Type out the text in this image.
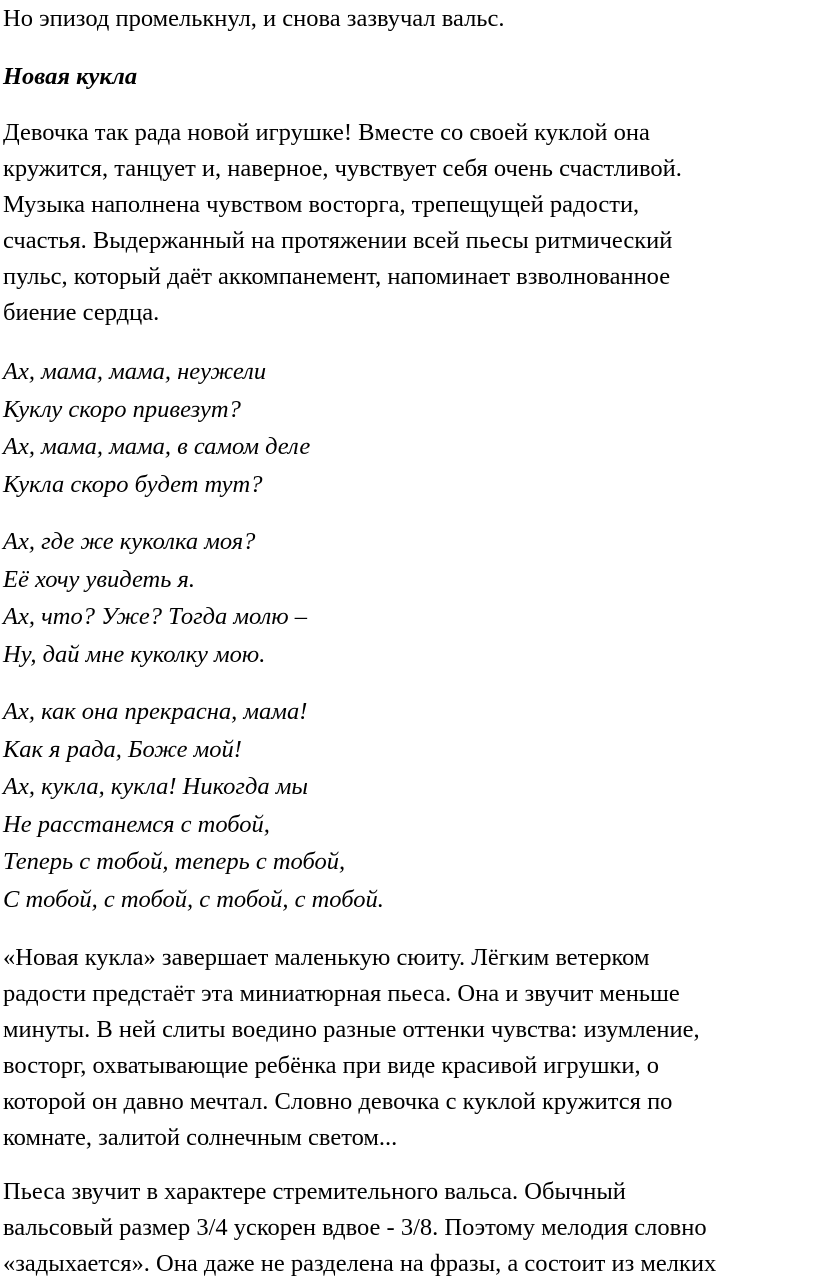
Но эпизод промелькнул, и снова зазвучал вальс.
Новая кукла
Девочка так рада новой игрушке! Вместе со своей куклой она
кружится, танцует и, наверное, чувствует себя очень счастливой.
Музыка наполнена чувством восторга, трепещущей радости,
счастья. Выдержанный на протяжении всей пьесы ритмический
пульс, который даёт аккомпанемент, напоминает взволнованное
биение сердца.
Ах, мама, мама, неужели
Куклу скоро привезут?
Ах, мама, мама, в самом деле
Кукла скоро будет тут?
Ах, где же куколка моя?
Её хочу увидеть я.
Ах, что? Уже? Тогда молю –
Ну, дай мне куколку мою.
Ах, как она прекрасна, мама!
Как я рада, Боже мой!
Ах, кукла, кукла! Никогда мы
Не расстанемся с тобой,
Теперь с тобой, теперь с тобой,
С тобой, с тобой, с тобой, с тобой.
«Новая кукла» завершает маленькую сюиту. Лёгким ветерком
радости предстаёт эта миниатюрная пьеса. Она и звучит меньше
минуты. В ней слиты воедино разные оттенки чувства: изумление,
восторг, охватывающие ребёнка при виде красивой игрушки, о
которой он давно мечтал. Словно девочка с куклой кружится по
комнате, залитой солнечным светом...
Пьеса звучит в характере стремительного вальса. Обычный
вальсовый размер 3/4 ускорен вдвое - 3/8. Поэтому мелодия словно
«задыхается». Она даже не разделена на фразы, а состоит из мелких
